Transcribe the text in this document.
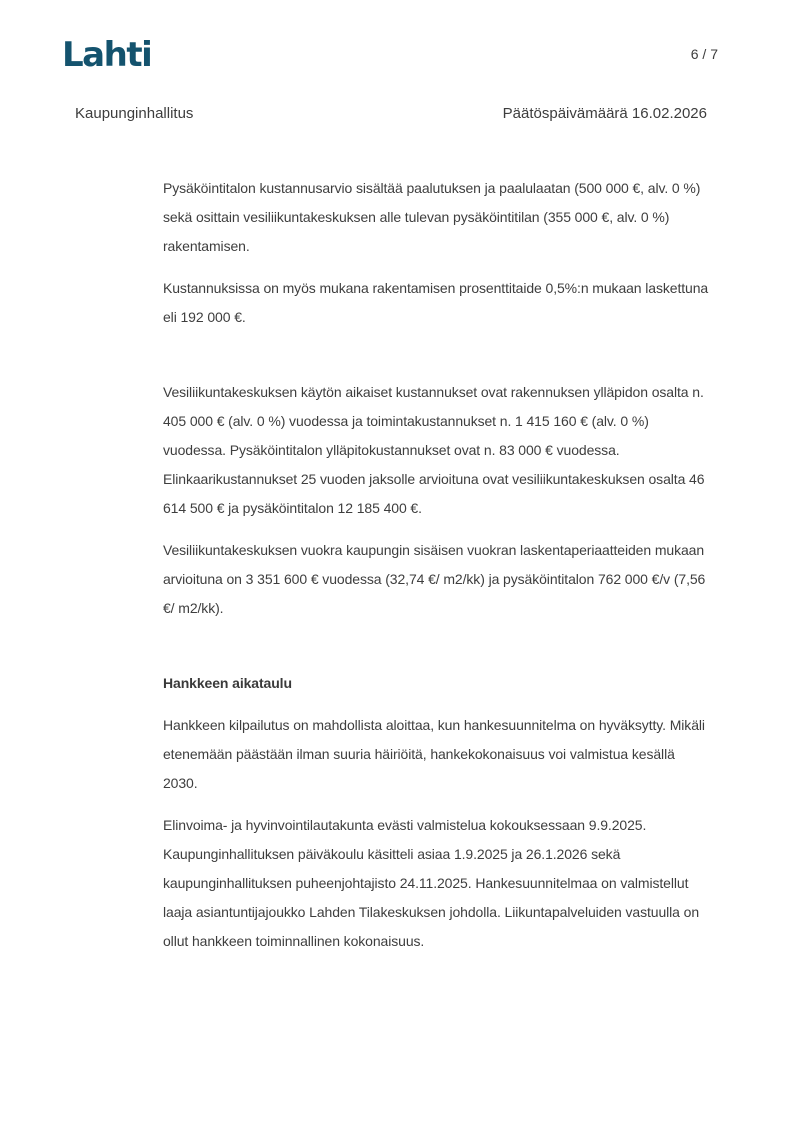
Lahti	6 / 7
Kaupunginhallitus	Päätöspäivämäärä 16.02.2026

Pysäköintitalon kustannusarvio sisältää paalutuksen ja paalulaatan (500 000 €, alv. 0 %) sekä osittain vesiliikuntakeskuksen alle tulevan pysäköintitilan (355 000 €, alv. 0 %) rakentamisen.

Kustannuksissa on myös mukana rakentamisen prosenttitaide 0,5%:n mukaan laskettuna eli 192 000 €.

Vesiliikuntakeskuksen käytön aikaiset kustannukset ovat rakennuksen ylläpidon osalta n. 405 000 € (alv. 0 %) vuodessa ja toimintakustannukset n. 1 415 160 € (alv. 0 %) vuodessa. Pysäköintitalon ylläpitokustannukset ovat n. 83 000 € vuodessa. Elinkaarikustannukset 25 vuoden jaksolle arvioituna ovat vesiliikuntakeskuksen osalta 46 614 500 € ja pysäköintitalon 12 185 400 €.

Vesiliikuntakeskuksen vuokra kaupungin sisäisen vuokran laskentaperiaatteiden mukaan arvioituna on 3 351 600 € vuodessa (32,74 €/ m2/kk) ja pysäköintitalon 762 000 €/v (7,56 €/ m2/kk).

Hankkeen aikataulu

Hankkeen kilpailutus on mahdollista aloittaa, kun hankesuunnitelma on hyväksytty. Mikäli etenemään päästään ilman suuria häiriöitä, hankekokonaisuus voi valmistua kesällä 2030.

Elinvoima- ja hyvinvointilautakunta evästi valmistelua kokouksessaan 9.9.2025. Kaupunginhallituksen päiväkoulu käsitteli asiaa 1.9.2025 ja 26.1.2026 sekä kaupunginhallituksen puheenjohtajisto 24.11.2025. Hankesuunnitelmaa on valmistellut laaja asiantuntijajoukko Lahden Tilakeskuksen johdolla. Liikuntapalveluiden vastuulla on ollut hankkeen toiminnallinen kokonaisuus.
